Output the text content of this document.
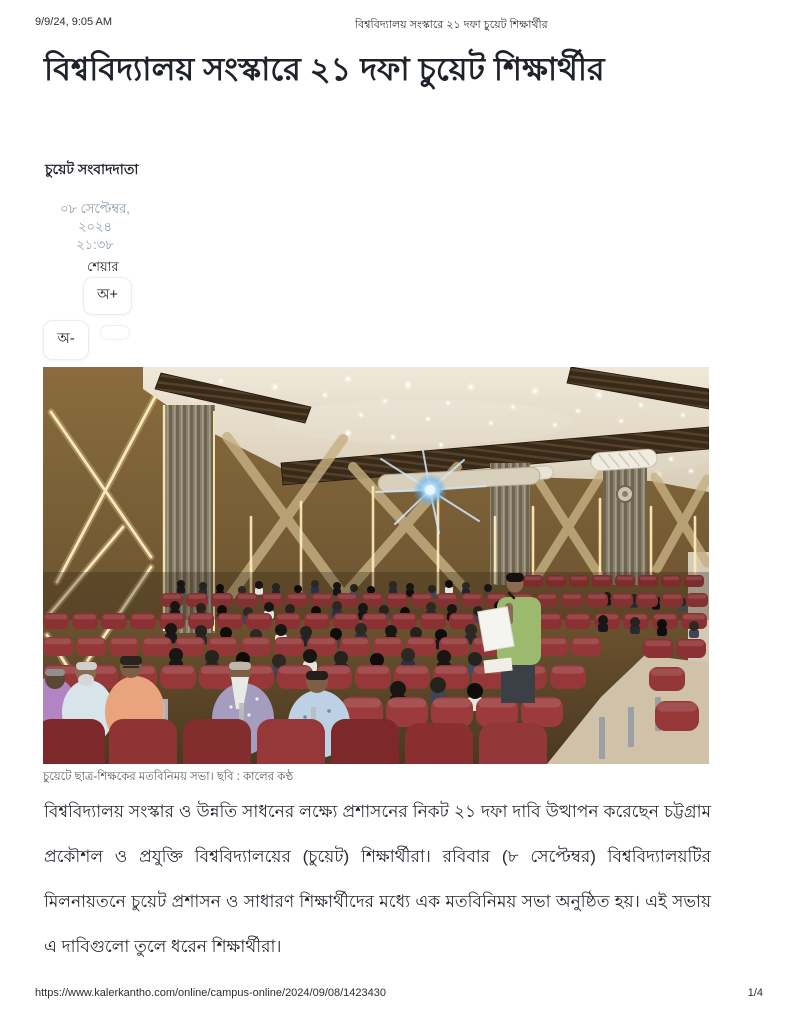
9/9/24, 9:05 AM	বিশ্ববিদ্যালয় সংস্কারে ২১ দফা চুয়েট শিক্ষার্থীর
বিশ্ববিদ্যালয় সংস্কারে ২১ দফা চুয়েট শিক্ষার্থীর
চুয়েট সংবাদদাতা
০৮ সেপ্টেম্বর, ২০২৪
২১:৩৮
শেয়ার
অ+
অ-
চুয়েটে ছাত্র-শিক্ষকের মতবিনিময় সভা। ছবি : কালের কণ্ঠ

বিশ্ববিদ্যালয় সংস্কার ও উন্নতি সাধনের লক্ষ্যে প্রশাসনের নিকট ২১ দফা দাবি উত্থাপন করেছেন চট্টগ্রাম প্রকৌশল ও প্রযুক্তি বিশ্ববিদ্যালয়ের (চুয়েট) শিক্ষার্থীরা। রবিবার (৮ সেপ্টেম্বর) বিশ্ববিদ্যালয়টির মিলনায়তনে চুয়েট প্রশাসন ও সাধারণ শিক্ষার্থীদের মধ্যে এক মতবিনিময় সভা অনুষ্ঠিত হয়। এই সভায় এ দাবিগুলো তুলে ধরেন শিক্ষার্থীরা।

https://www.kalerkantho.com/online/campus-online/2024/09/08/1423430	1/4
